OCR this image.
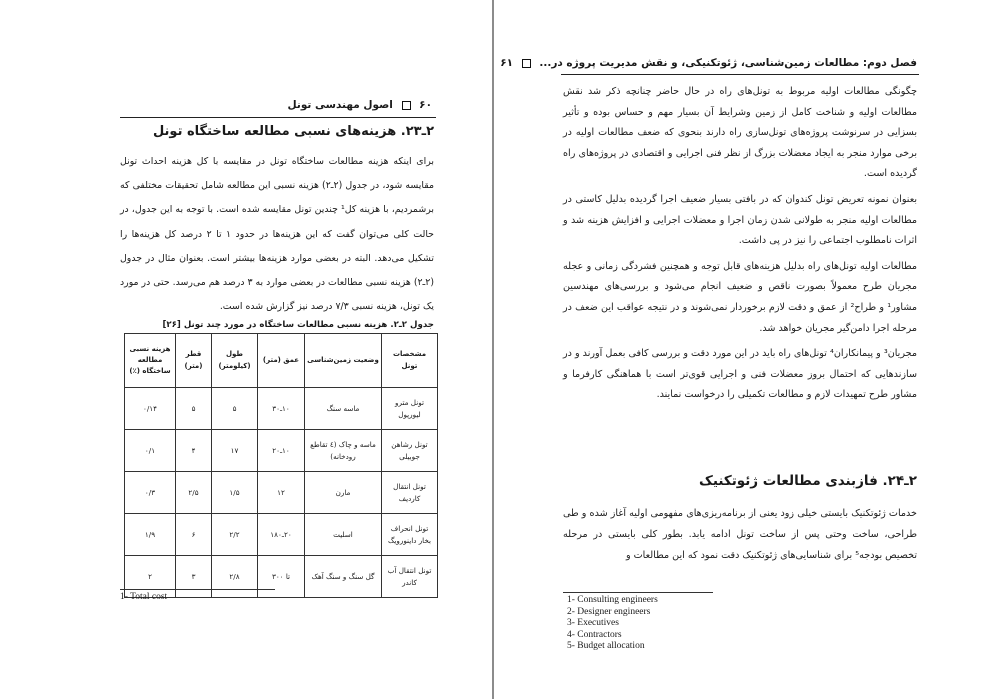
۶۰  اصول مهندسی تونل
۲ـ۲۳. هزینه‌های نسبی مطالعه ساختگاه تونل
برای اینکه هزینه مطالعات ساختگاه تونل در مقایسه با کل هزینه احداث تونل مقایسه شود، در جدول (۲ـ۲) هزینه نسبی این مطالعه شامل تحقیقات مختلفی که برشمردیم، با هزینه کل¹ چندین تونل مقایسه شده است. با توجه به این جدول، در حالت کلی می‌توان گفت که این هزینه‌ها در حدود ۱ تا ۲ درصد کل هزینه‌ها را تشکیل می‌دهد. البته در بعضی موارد هزینه‌ها بیشتر است. بعنوان مثال در جدول (۲ـ۲) هزینه نسبی مطالعات در بعضی موارد به ۳ درصد هم می‌رسد. حتی در مورد یک تونل، هزینه نسبی ۷/۳ درصد نیز گزارش شده است.
جدول ۲ـ۲. هزینه نسبی مطالعات ساختگاه در مورد چند تونل [۲۶]
مشخصات تونل	وضعیت زمین‌شناسی	عمق (متر)	طول (کیلومتر)	قطر (متر)	هزینه نسبی مطالعه ساختگاه (٪)
تونل مترو لیورپول	ماسه سنگ	۱۰ـ۳۰	۵	۵	۰/۱۴
تونل رشاهن جوبیلی	ماسه و چاک (٤ تقاطع رودخانه)	۱۰ـ۲۰	۱۷	۴	۰/۱
تونل انتقال کاردیف	مارن	۱۲	۱/۵	۲/۵	۰/۳
تونل انحراف بخار داینورویگ	اسلیت	۲۰ـ۱۸۰	۲/۲	۶	۱/۹
تونل انتقال آب کاندر	گل سنگ و سنگ آهک	تا ۳۰۰	۲/۸	۳	۲
1- Total cost
فصل دوم: مطالعات زمین‌شناسی، ژئوتکنیکی، و نقش مدیریت پروژه در...  ۶۱
چگونگی مطالعات اولیه مربوط به تونل‌های راه در حال حاضر چنانچه ذکر شد نقش مطالعات اولیه و شناخت کامل از زمین وشرایط آن بسیار مهم و حساس بوده و تأثیر بسزایی در سرنوشت پروژه‌های تونل‌سازی راه دارند بنحوی که ضعف مطالعات اولیه در برخی موارد منجر به ایجاد معضلات بزرگ از نظر فنی اجرایی و اقتصادی در پروژه‌های راه گردیده است.
بعنوان نمونه تعریض تونل کندوان که در بافتی بسیار ضعیف اجرا گردیده بدلیل کاستی در مطالعات اولیه منجر به طولانی شدن زمان اجرا و معضلات اجرایی و افزایش هزینه شد و اثرات نامطلوب اجتماعی را نیز در پی داشت.
مطالعات اولیه تونل‌های راه بدلیل هزینه‌های قابل توجه و همچنین فشردگی زمانی و عجله مجریان طرح معمولاً بصورت ناقص و ضعیف انجام می‌شود و بررسی‌های مهندسین مشاور¹ و طراح² از عمق و دقت لازم برخوردار نمی‌شوند و در نتیجه عواقب این ضعف در مرحله اجرا دامن‌گیر مجریان خواهد شد.
مجریان³ و پیمانکاران⁴ تونل‌های راه باید در این مورد دقت و بررسی کافی بعمل آورند و در سازندهایی که احتمال بروز معضلات فنی و اجرایی قوی‌تر است با هماهنگی کارفرما و مشاور طرح تمهیدات لازم و مطالعات تکمیلی را درخواست نمایند.
۲ـ۲۴. فازبندی مطالعات ژئوتکنیک
خدمات ژئوتکنیک بایستی خیلی زود یعنی از برنامه‌ریزی‌های مفهومی اولیه آغاز شده و طی طراحی، ساخت وحتی پس از ساخت تونل ادامه یابد. بطور کلی بایستی در مرحله تخصیص بودجه⁵ برای شناسایی‌های ژئوتکنیک دقت نمود که این مطالعات و
1- Consulting engineers
2- Designer engineers
3- Executives
4- Contractors
5- Budget allocation
